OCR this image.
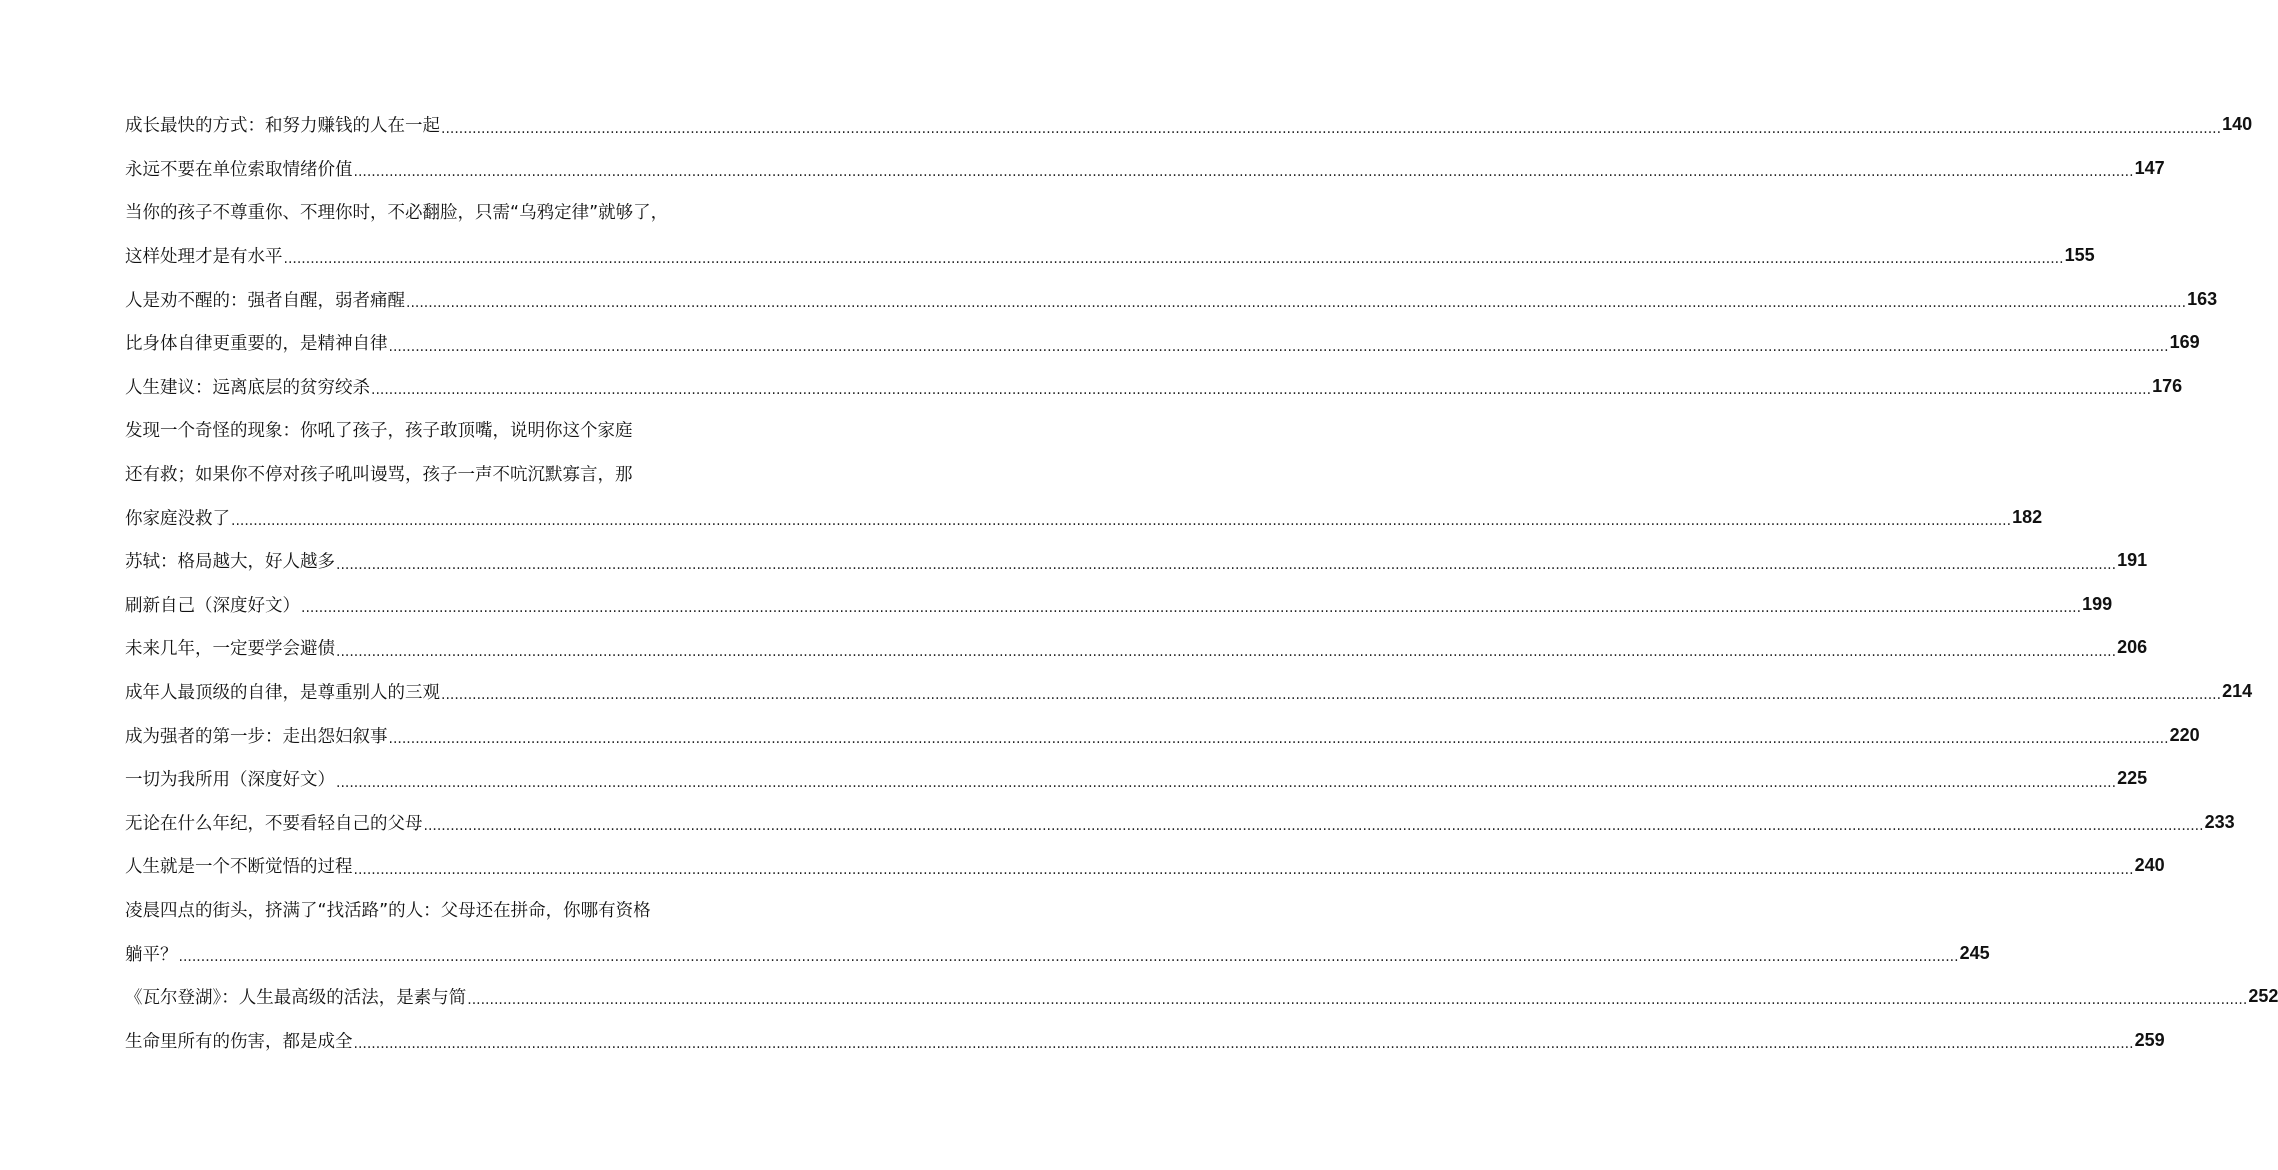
成长最快的方式：和努力赚钱的人在一起 ................................................................................................................................................................................................................................................................................................................................................................................................................ 140
永远不要在单位索取情绪价值 ................................................................................................................................................................................................................................................................................................................................................................................................................ 147
当你的孩子不尊重你、不理你时，不必翻脸，只需“乌鸦定律”就够了，
这样处理才是有水平 ................................................................................................................................................................................................................................................................................................................................................................................................................ 155
人是劝不醒的：强者自醒，弱者痛醒 ................................................................................................................................................................................................................................................................................................................................................................................................................ 163
比身体自律更重要的，是精神自律 ................................................................................................................................................................................................................................................................................................................................................................................................................ 169
人生建议：远离底层的贫穷绞杀 ................................................................................................................................................................................................................................................................................................................................................................................................................ 176
发现一个奇怪的现象：你吼了孩子，孩子敢顶嘴，说明你这个家庭
还有救；如果你不停对孩子吼叫谩骂，孩子一声不吭沉默寡言，那
你家庭没救了 ................................................................................................................................................................................................................................................................................................................................................................................................................ 182
苏轼：格局越大，好人越多 ................................................................................................................................................................................................................................................................................................................................................................................................................ 191
刷新自己（深度好文） ................................................................................................................................................................................................................................................................................................................................................................................................................ 199
未来几年，一定要学会避债 ................................................................................................................................................................................................................................................................................................................................................................................................................ 206
成年人最顶级的自律，是尊重别人的三观 ................................................................................................................................................................................................................................................................................................................................................................................................................ 214
成为强者的第一步：走出怨妇叙事 ................................................................................................................................................................................................................................................................................................................................................................................................................ 220
一切为我所用（深度好文） ................................................................................................................................................................................................................................................................................................................................................................................................................ 225
无论在什么年纪，不要看轻自己的父母 ................................................................................................................................................................................................................................................................................................................................................................................................................ 233
人生就是一个不断觉悟的过程 ................................................................................................................................................................................................................................................................................................................................................................................................................ 240
凌晨四点的街头，挤满了“找活路”的人：父母还在拼命，你哪有资格
躺平？ ................................................................................................................................................................................................................................................................................................................................................................................................................ 245
《瓦尔登湖》：人生最高级的活法，是素与简 ................................................................................................................................................................................................................................................................................................................................................................................................................ 252
生命里所有的伤害，都是成全 ................................................................................................................................................................................................................................................................................................................................................................................................................ 259
